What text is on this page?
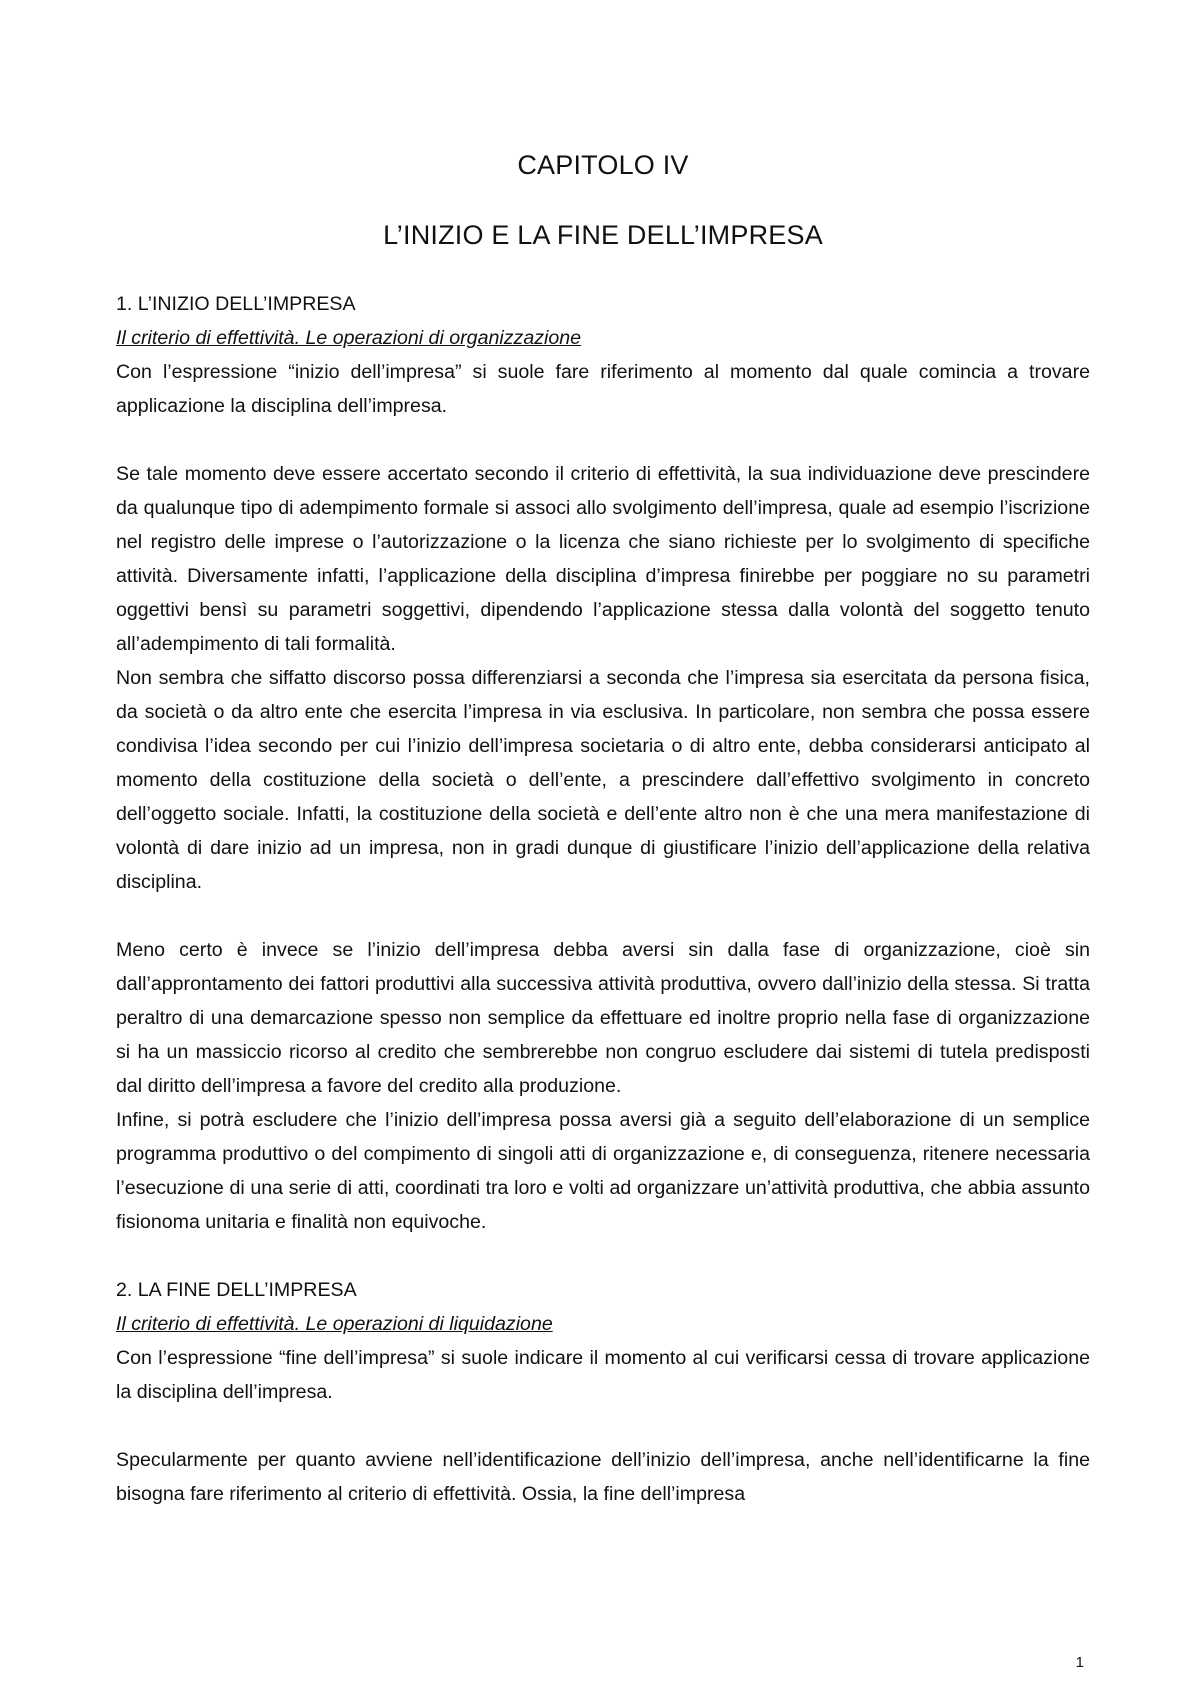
CAPITOLO IV
L’INIZIO E LA FINE DELL’IMPRESA
1. L’INIZIO DELL’IMPRESA

Il criterio di effettività. Le operazioni di organizzazione

Con l’espressione “inizio dell’impresa” si suole fare riferimento al momento dal quale comincia a trovare applicazione la disciplina dell’impresa.

Se tale momento deve essere accertato secondo il criterio di effettività, la sua individuazione deve prescindere da qualunque tipo di adempimento formale si associ allo svolgimento dell’impresa, quale ad esempio l’iscrizione nel registro delle imprese o l’autorizzazione o la licenza che siano richieste per lo svolgimento di specifiche attività. Diversamente infatti, l’applicazione della disciplina d’impresa finirebbe per poggiare no su parametri oggettivi bensì su parametri soggettivi, dipendendo l’applicazione stessa dalla volontà del soggetto tenuto all’adempimento di tali formalità.

Non sembra che siffatto discorso possa differenziarsi a seconda che l’impresa sia esercitata da persona fisica, da società o da altro ente che esercita l’impresa in via esclusiva. In particolare, non sembra che possa essere condivisa l’idea secondo per cui l’inizio dell’impresa societaria o di altro ente, debba considerarsi anticipato al momento della costituzione della società o dell’ente, a prescindere dall’effettivo svolgimento in concreto dell’oggetto sociale. Infatti, la costituzione della società e dell’ente altro non è che una mera manifestazione di volontà di dare inizio ad un impresa, non in gradi dunque di giustificare l’inizio dell’applicazione della relativa disciplina.

Meno certo è invece se l’inizio dell’impresa debba aversi sin dalla fase di organizzazione, cioè sin dall’approntamento dei fattori produttivi alla successiva attività produttiva, ovvero dall’inizio della stessa. Si tratta peraltro di una demarcazione spesso non semplice da effettuare ed inoltre proprio nella fase di organizzazione si ha un massiccio ricorso al credito che sembrerebbe non congruo escludere dai sistemi di tutela predisposti dal diritto dell’impresa a favore del credito alla produzione.

Infine, si potrà escludere che l’inizio dell’impresa possa aversi già a seguito dell’elaborazione di un semplice programma produttivo o del compimento di singoli atti di organizzazione e, di conseguenza, ritenere necessaria l’esecuzione di una serie di atti, coordinati tra loro e volti ad organizzare un’attività produttiva, che abbia assunto fisionoma unitaria e finalità non equivoche.

2. LA FINE DELL’IMPRESA

Il criterio di effettività. Le operazioni di liquidazione

Con l’espressione “fine dell’impresa” si suole indicare il momento al cui verificarsi cessa di trovare applicazione la disciplina dell’impresa.

Specularmente per quanto avviene nell’identificazione dell’inizio dell’impresa, anche nell’identificarne la fine bisogna fare riferimento al criterio di effettività. Ossia, la fine dell’impresa

1
